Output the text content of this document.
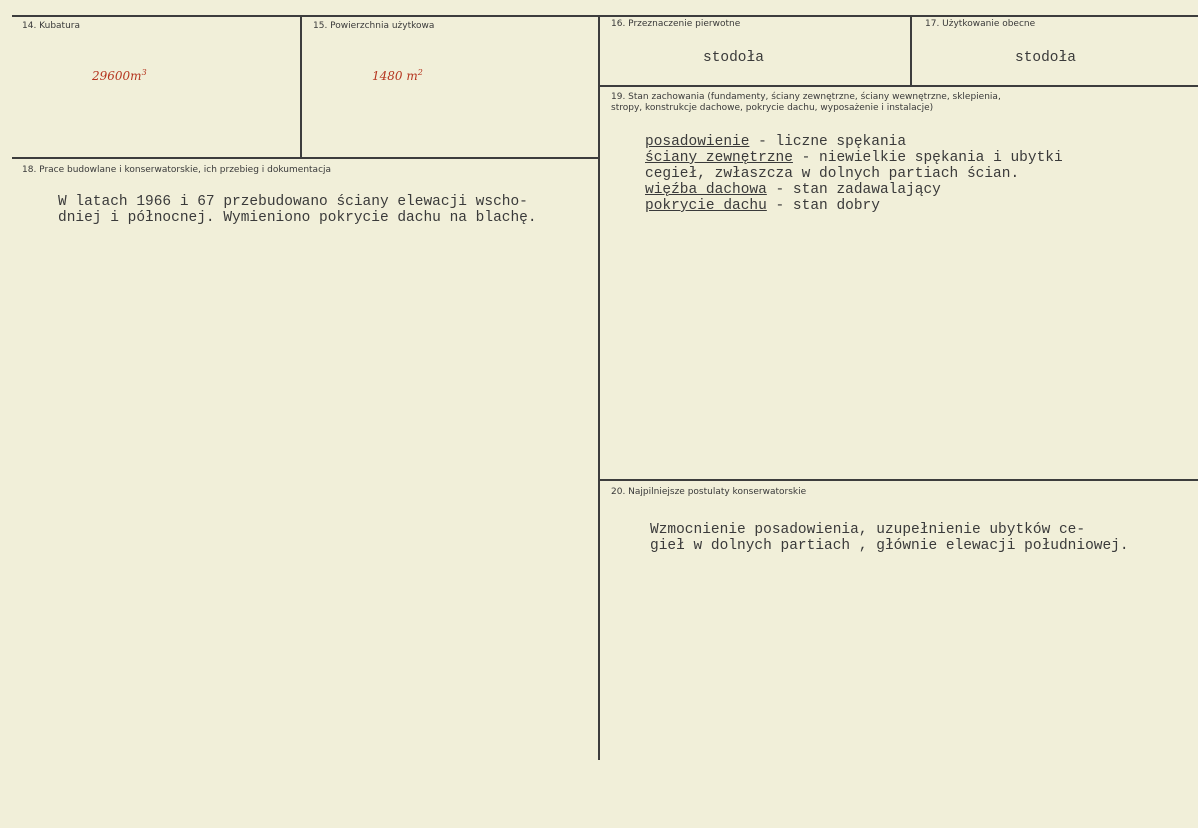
14. Kubatura
$29600m^3$
15. Powierzchnia użytkowa
1480 $m^2$
16. Przeznaczenie pierwotne
stodoła
17. Użytkowanie obecne
stodoła
18. Prace budowlane i konserwatorskie, ich przebieg i dokumentacja
W latach 1966 i 67 przebudowano ściany elewacji wscho-
dniej i północnej. Wymieniono pokrycie dachu na blachę.
19. Stan zachowania (fundamenty, ściany zewnętrzne, ściany wewnętrzne, sklepienia,
stropy, konstrukcje dachowe, pokrycie dachu, wyposażenie i instalacje)
posadowienie - liczne spękania
ściany zewnętrzne - niewielkie spękania i ubytki
cegieł, zwłaszcza w dolnych partiach ścian.
więźba dachowa - stan zadawalający
pokrycie dachu - stan dobry
20. Najpilniejsze postulaty konserwatorskie
Wzmocnienie posadowienia, uzupełnienie ubytków ce-
gieł w dolnych partiach , głównie elewacji południowej.
